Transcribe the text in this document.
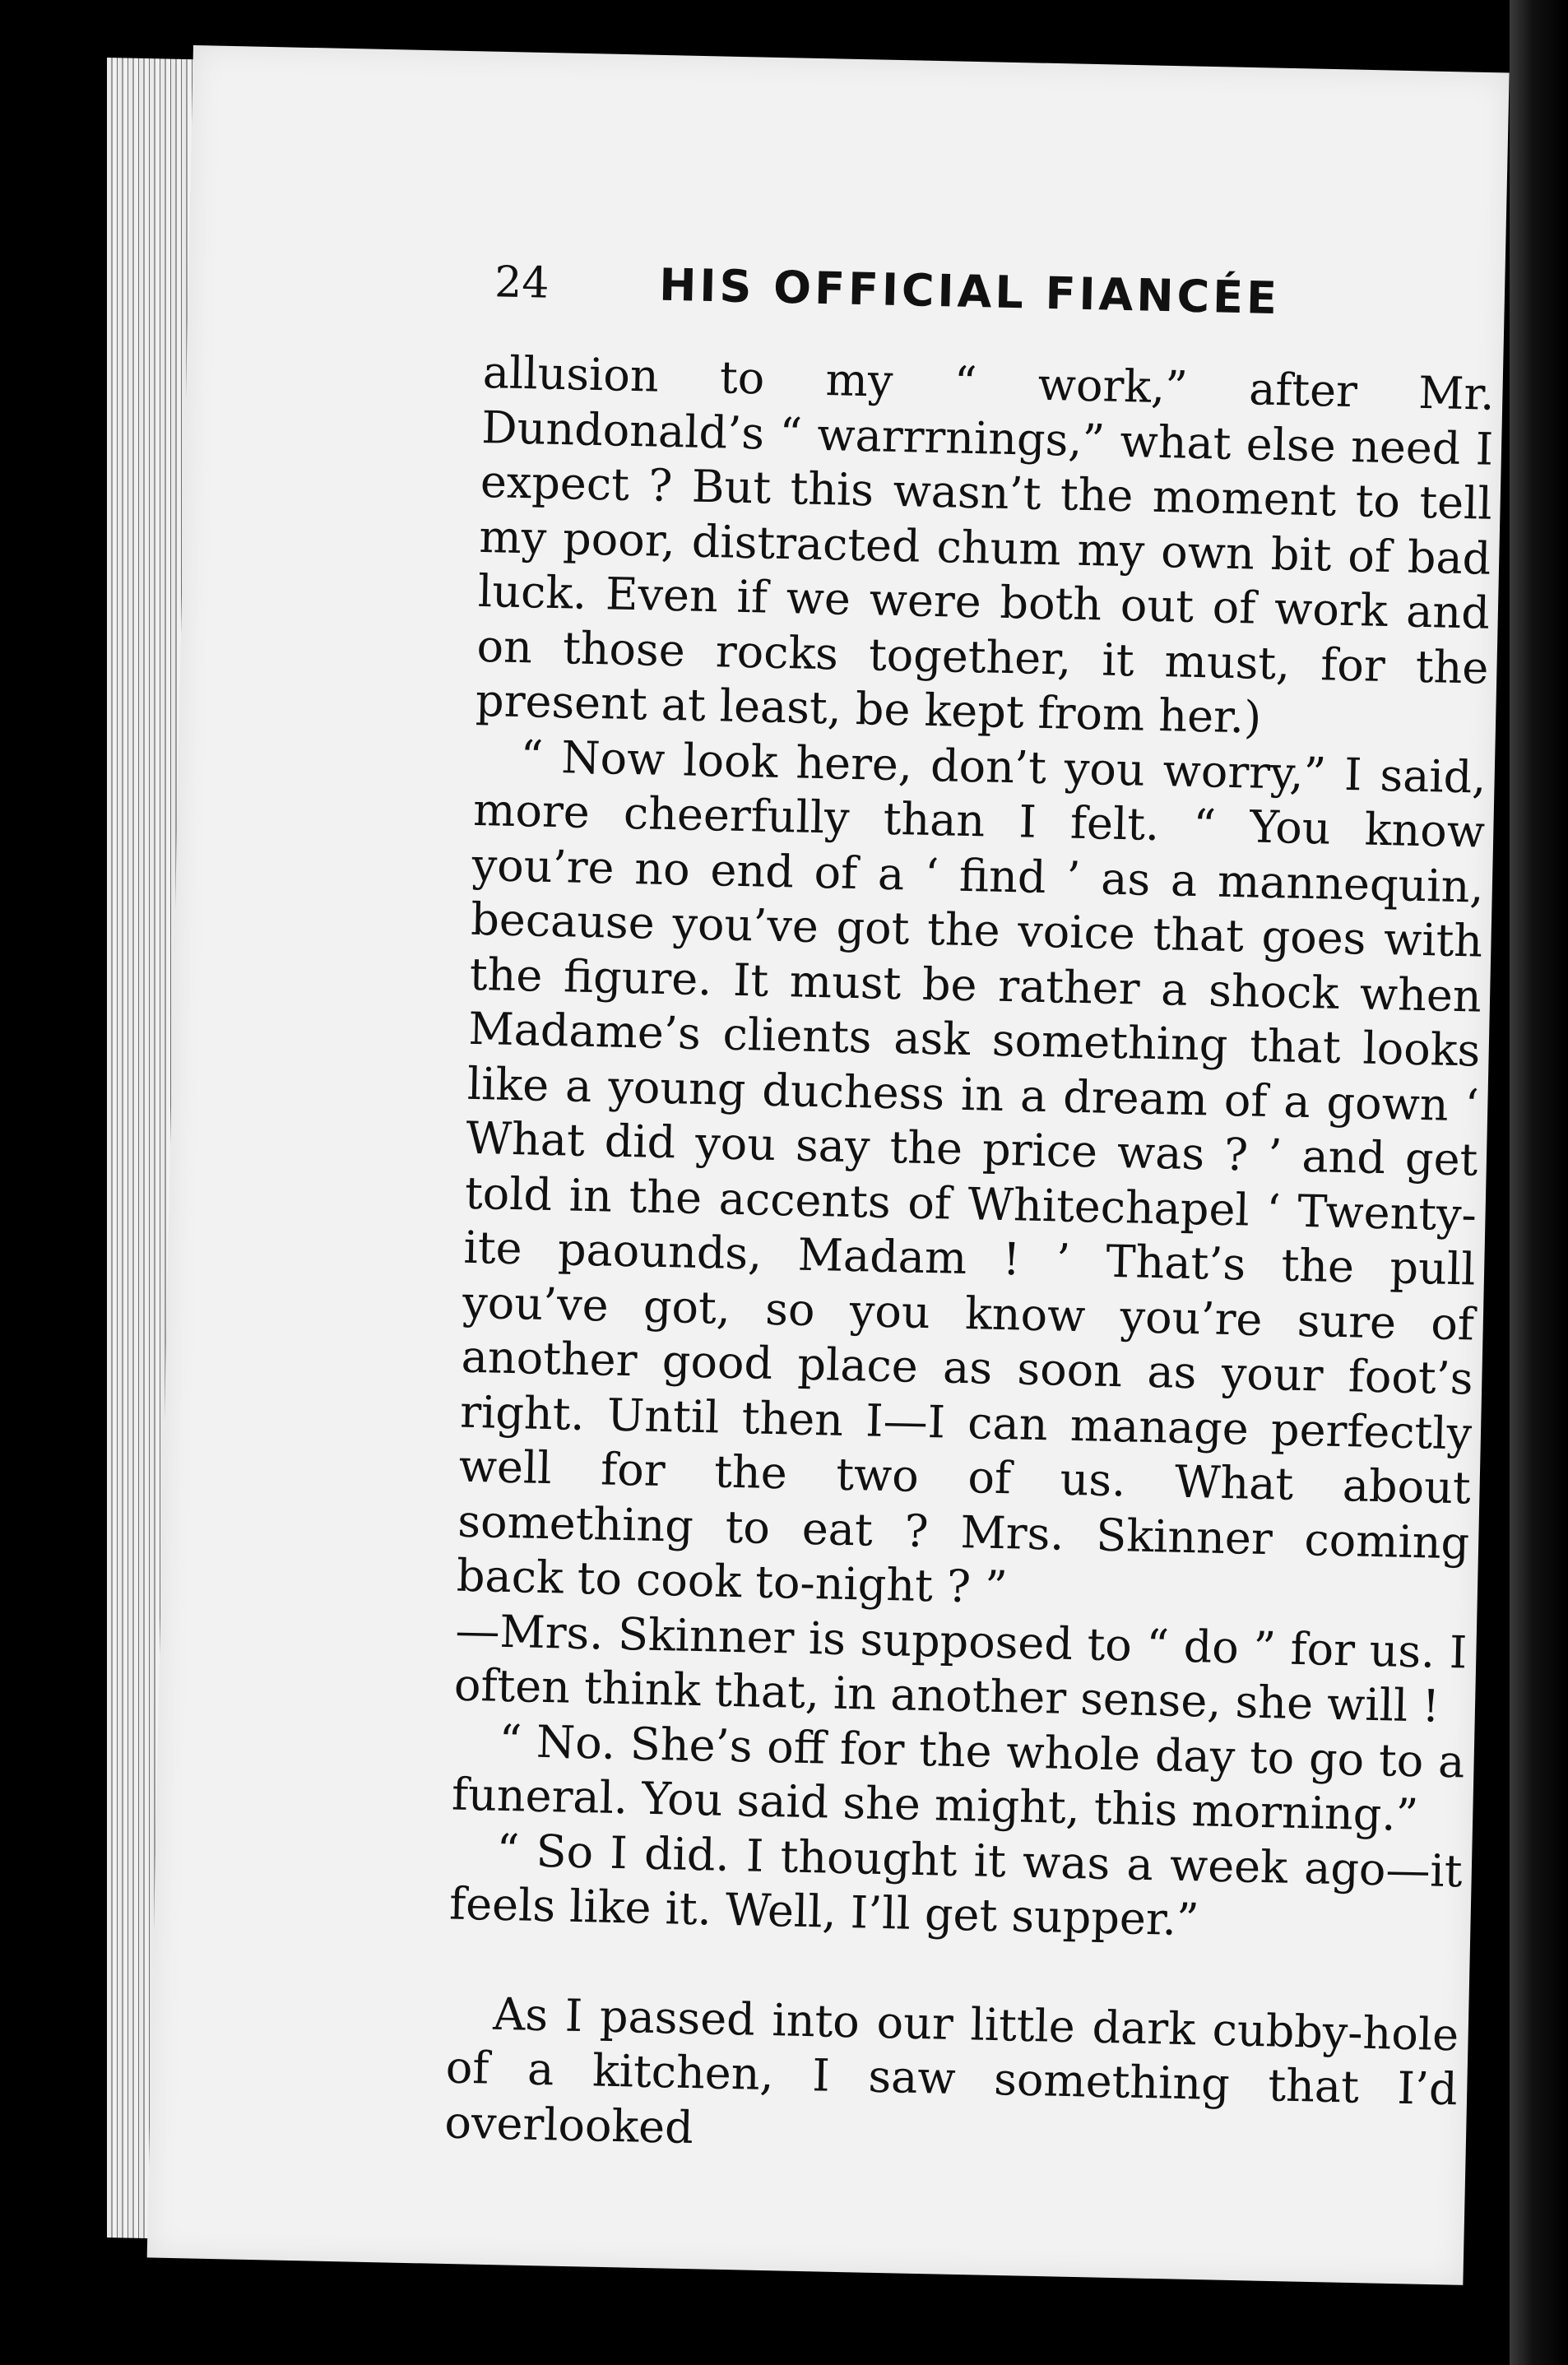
24	HIS OFFICIAL FIANCÉE

allusion to my “ work,” after Mr. Dundonald’s “ warrrnings,” what else need I expect ? But this wasn’t the moment to tell my poor, distracted chum my own bit of bad luck. Even if we were both out of work and on those rocks together, it must, for the present at least, be kept from her.)

“ Now look here, don’t you worry,” I said, more cheerfully than I felt. “ You know you’re no end of a ‘ find ’ as a mannequin, because you’ve got the voice that goes with the figure. It must be rather a shock when Madame’s clients ask something that looks like a young duchess in a dream of a gown ‘ What did you say the price was ? ’ and get told in the accents of Whitechapel ‘ Twenty-ite paounds, Madam ! ’ That’s the pull you’ve got, so you know you’re sure of another good place as soon as your foot’s right. Until then I—I can manage perfectly well for the two of us. What about something to eat ? Mrs. Skinner coming back to cook to-night ? ”

—Mrs. Skinner is supposed to “ do ” for us. I often think that, in another sense, she will !

“ No. She’s off for the whole day to go to a funeral. You said she might, this morning.”

“ So I did. I thought it was a week ago—it feels like it. Well, I’ll get supper.”

As I passed into our little dark cubby-hole of a kitchen, I saw something that I’d overlooked
